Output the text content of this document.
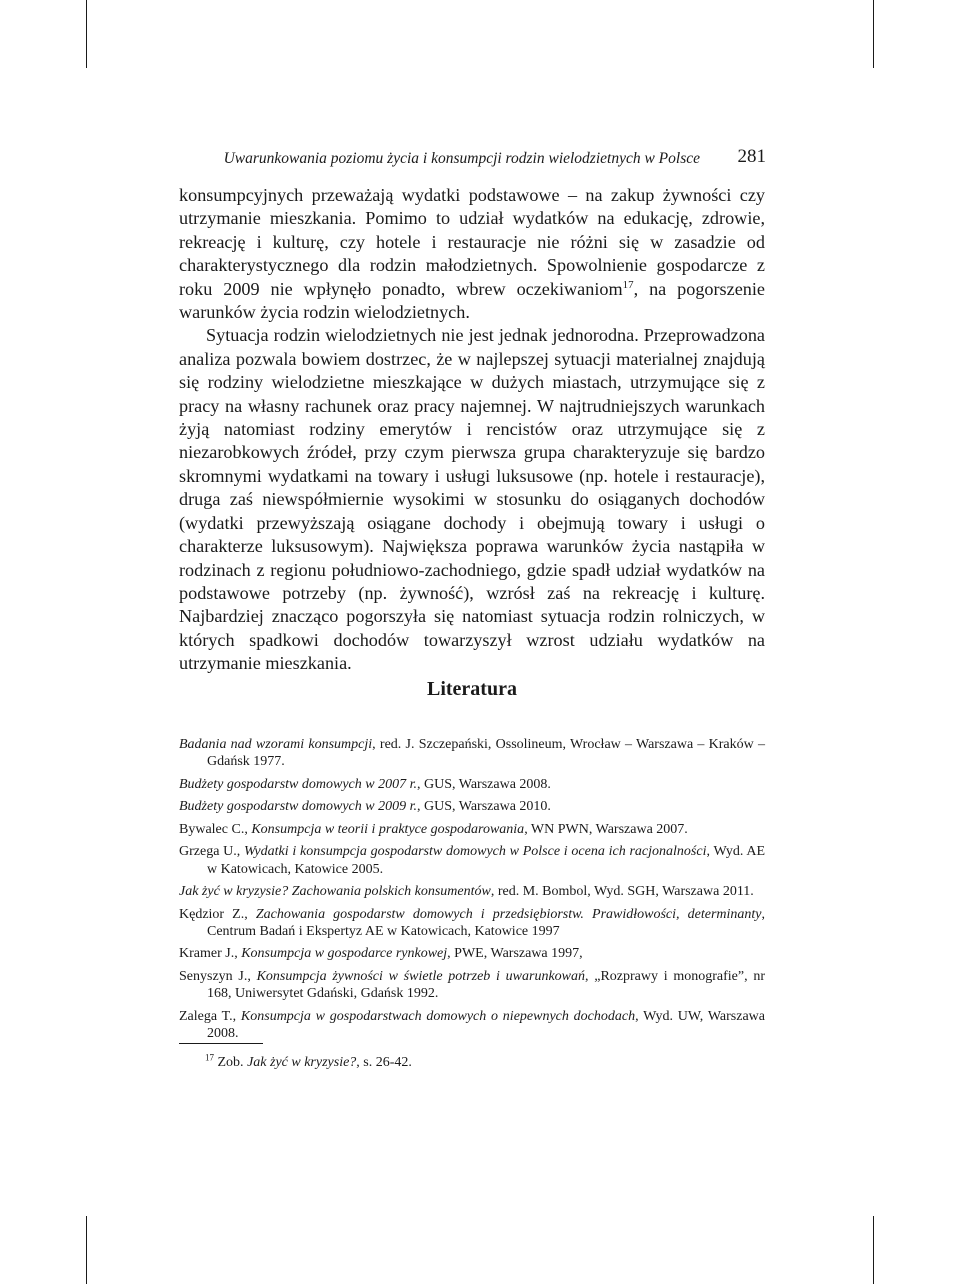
Uwarunkowania poziomu życia i konsumpcji rodzin wielodzietnych w Polsce 281

konsumpcyjnych przeważają wydatki podstawowe – na zakup żywności czy utrzymanie mieszkania. Pomimo to udział wydatków na edukację, zdrowie, rekreację i kulturę, czy hotele i restauracje nie różni się w zasadzie od charakterystycznego dla rodzin małodzietnych. Spowolnienie gospodarcze z roku 2009 nie wpłynęło ponadto, wbrew oczekiwaniom$^{17}$, na pogorszenie warunków życia rodzin wielodzietnych.

Sytuacja rodzin wielodzietnych nie jest jednak jednorodna. Przeprowadzona analiza pozwala bowiem dostrzec, że w najlepszej sytuacji materialnej znajdują się rodziny wielodzietne mieszkające w dużych miastach, utrzymujące się z pracy na własny rachunek oraz pracy najemnej. W najtrudniejszych warunkach żyją natomiast rodziny emerytów i rencistów oraz utrzymujące się z niezarobkowych źródeł, przy czym pierwsza grupa charakteryzuje się bardzo skromnymi wydatkami na towary i usługi luksusowe (np. hotele i restauracje), druga zaś niewspółmiernie wysokimi w stosunku do osiąganych dochodów (wydatki przewyższają osiągane dochody i obejmują towary i usługi o charakterze luksusowym). Największa poprawa warunków życia nastąpiła w rodzinach z regionu południowo-zachodniego, gdzie spadł udział wydatków na podstawowe potrzeby (np. żywność), wzrósł zaś na rekreację i kulturę. Najbardziej znacząco pogorszyła się natomiast sytuacja rodzin rolniczych, w których spadkowi dochodów towarzyszył wzrost udziału wydatków na utrzymanie mieszkania.

Literatura
Badania nad wzorami konsumpcji, red. J. Szczepański, Ossolineum, Wrocław – Warszawa – Kraków – Gdańsk 1977.
Budżety gospodarstw domowych w 2007 r., GUS, Warszawa 2008.
Budżety gospodarstw domowych w 2009 r., GUS, Warszawa 2010.
Bywalec C., Konsumpcja w teorii i praktyce gospodarowania, WN PWN, Warszawa 2007.
Grzega U., Wydatki i konsumpcja gospodarstw domowych w Polsce i ocena ich racjonalności, Wyd. AE w Katowicach, Katowice 2005.
Jak żyć w kryzysie? Zachowania polskich konsumentów, red. M. Bombol, Wyd. SGH, Warszawa 2011.
Kędzior Z., Zachowania gospodarstw domowych i przedsiębiorstw. Prawidłowości, determinanty, Centrum Badań i Ekspertyz AE w Katowicach, Katowice 1997
Kramer J., Konsumpcja w gospodarce rynkowej, PWE, Warszawa 1997,
Senyszyn J., Konsumpcja żywności w świetle potrzeb i uwarunkowań, „Rozprawy i monografie”, nr 168, Uniwersytet Gdański, Gdańsk 1992.
Zalega T., Konsumpcja w gospodarstwach domowych o niepewnych dochodach, Wyd. UW, Warszawa 2008.
$^{17}$ Zob. Jak żyć w kryzysie?, s. 26-42.
